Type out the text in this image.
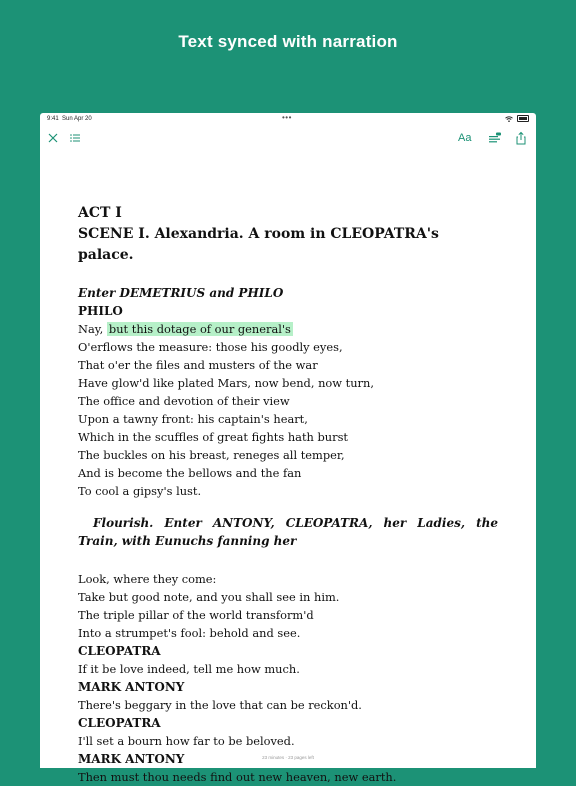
Text synced with narration
9:41 Sun Apr 20	•••
Aa

ACT I

SCENE I. Alexandria. A room in CLEOPATRA's palace.

Enter DEMETRIUS and PHILO

PHILO

Nay, but this dotage of our general's

O'erflows the measure: those his goodly eyes,

That o'er the files and musters of the war

Have glow'd like plated Mars, now bend, now turn,

The office and devotion of their view

Upon a tawny front: his captain's heart,

Which in the scuffles of great fights hath burst

The buckles on his breast, reneges all temper,

And is become the bellows and the fan

To cool a gipsy's lust.

Flourish. Enter ANTONY, CLEOPATRA, her Ladies, the Train, with Eunuchs fanning her

Look, where they come:

Take but good note, and you shall see in him.

The triple pillar of the world transform'd

Into a strumpet's fool: behold and see.

CLEOPATRA

If it be love indeed, tell me how much.

MARK ANTONY

There's beggary in the love that can be reckon'd.

CLEOPATRA

I'll set a bourn how far to be beloved.

MARK ANTONY

Then must thou needs find out new heaven, new earth.

23 minutes · 23 pages left
